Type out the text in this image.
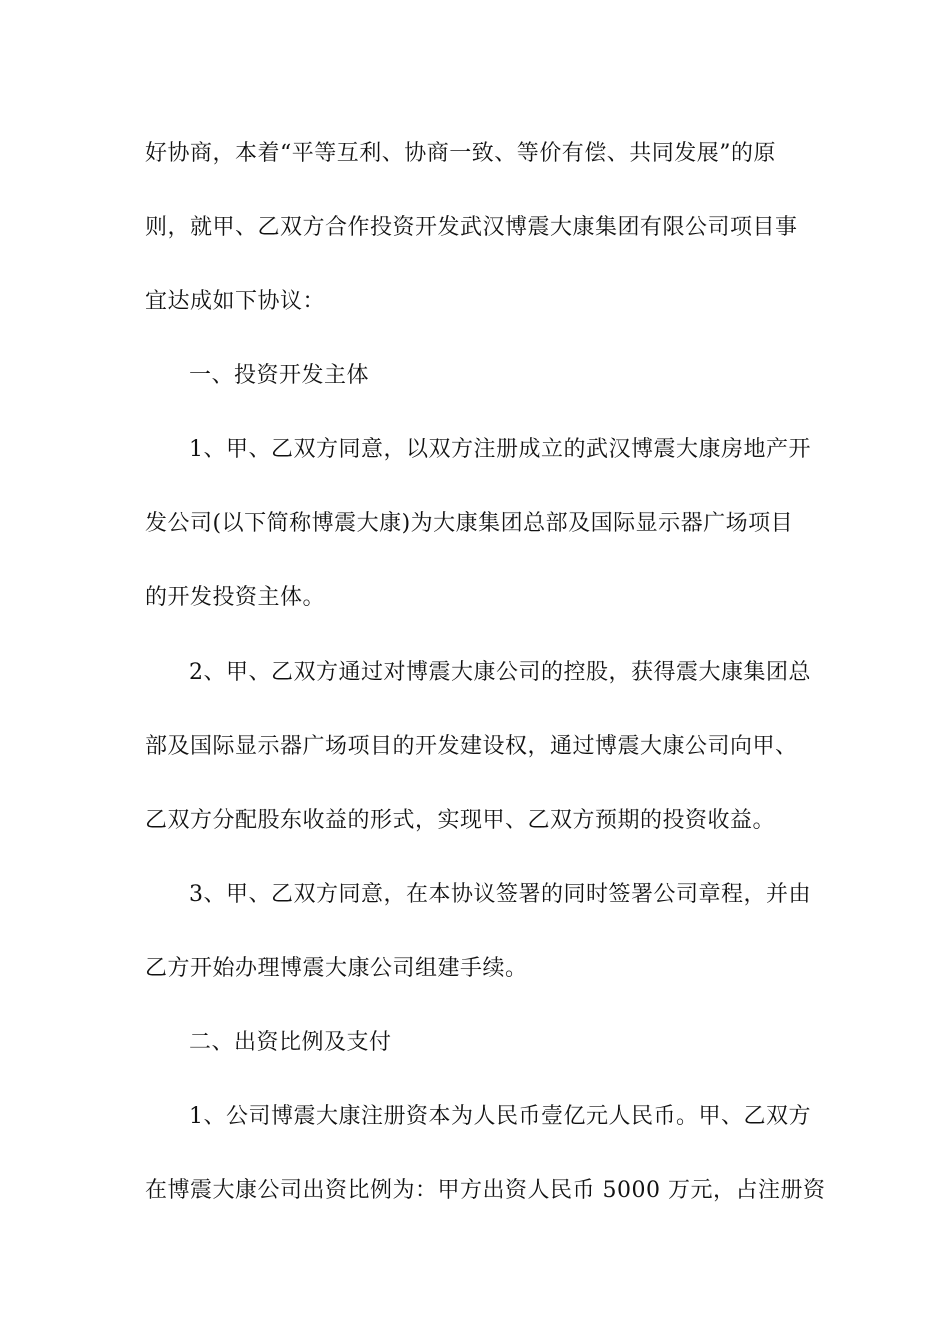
好协商，本着“平等互利、协商一致、等价有偿、共同发展”的原
则，就甲、乙双方合作投资开发武汉博震大康集团有限公司项目事
宜达成如下协议：
一、投资开发主体
1、甲、乙双方同意，以双方注册成立的武汉博震大康房地产开
发公司(以下简称博震大康)为大康集团总部及国际显示器广场项目
的开发投资主体。
2、甲、乙双方通过对博震大康公司的控股，获得震大康集团总
部及国际显示器广场项目的开发建设权，通过博震大康公司向甲、
乙双方分配股东收益的形式，实现甲、乙双方预期的投资收益。
3、甲、乙双方同意，在本协议签署的同时签署公司章程，并由
乙方开始办理博震大康公司组建手续。
二、出资比例及支付
1、公司博震大康注册资本为人民币壹亿元人民币。甲、乙双方
在博震大康公司出资比例为：甲方出资人民币 5000 万元，占注册资
